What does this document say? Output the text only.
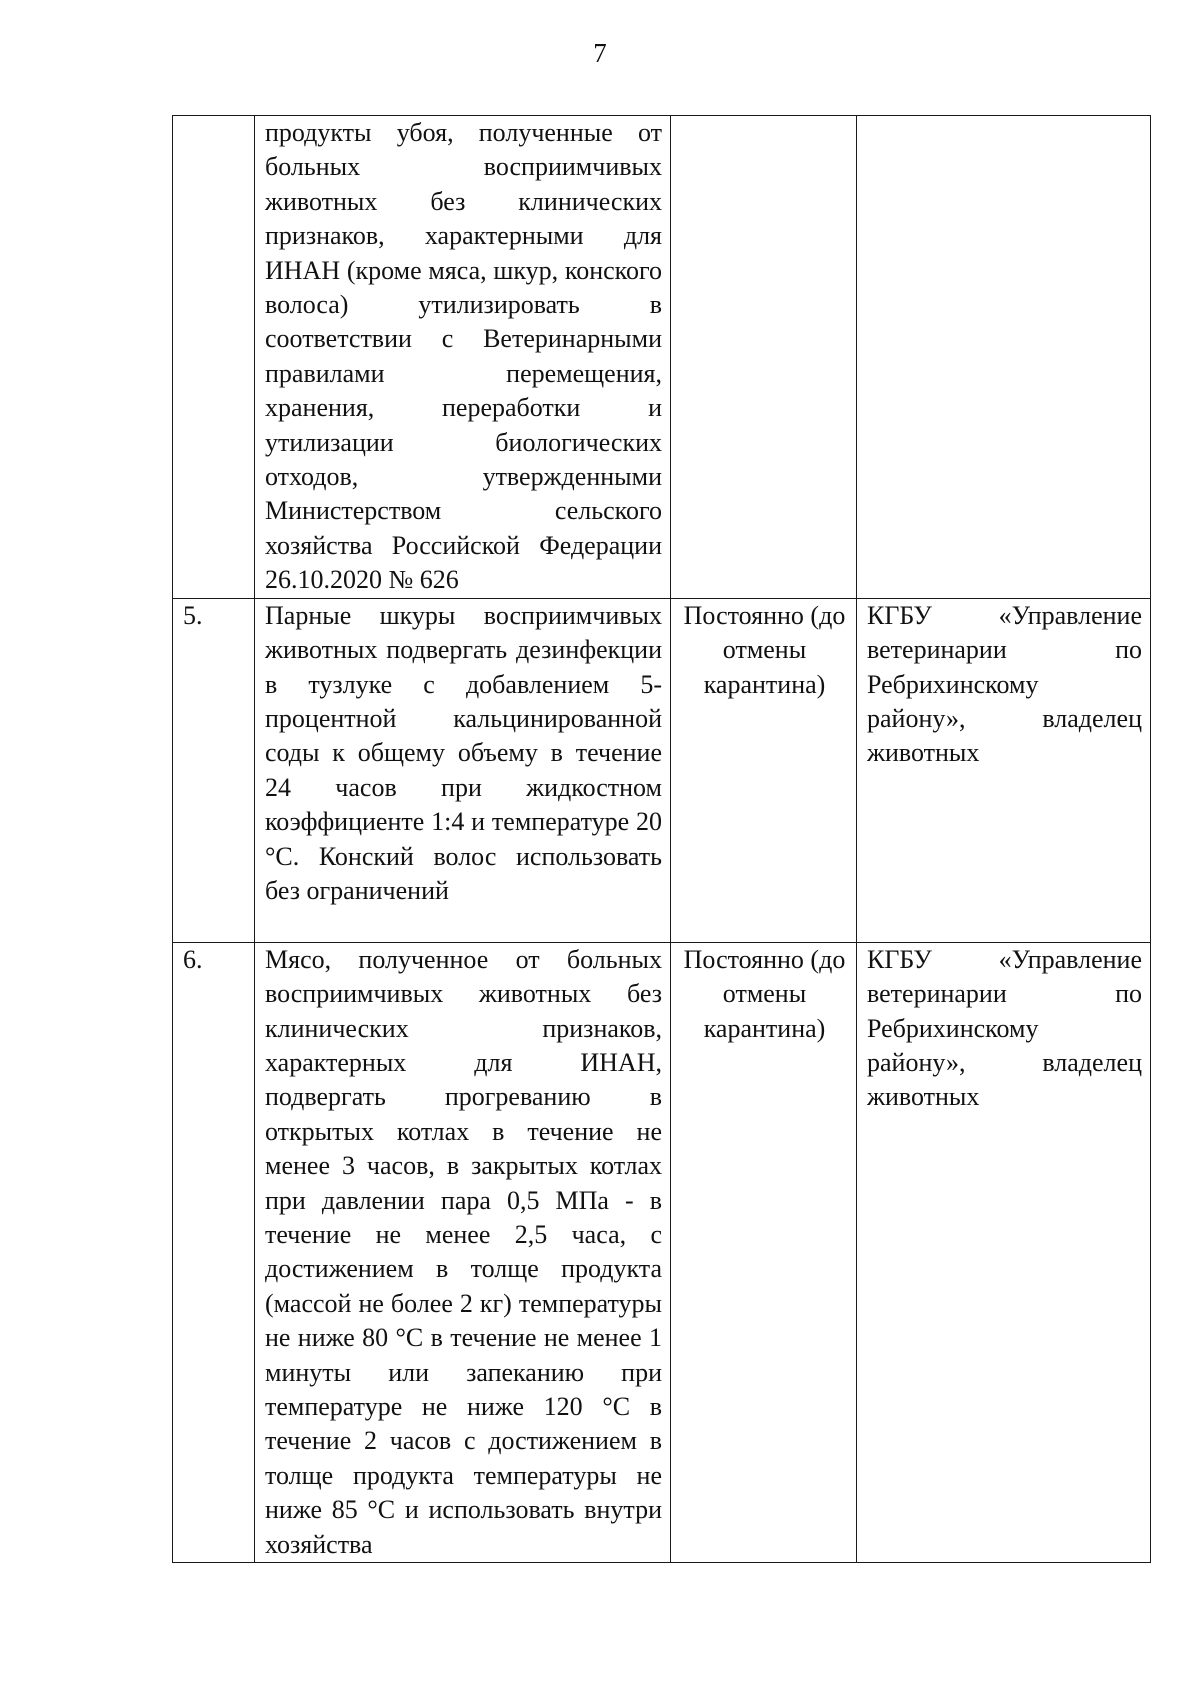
7
	продукты убоя, полученные от больных восприимчивых животных без клинических признаков, характерными для ИНАН (кроме мяса, шкур, конского волоса) утилизировать в соответствии с Ветеринарными правилами перемещения, хранения, переработки и утилизации биологических отходов, утвержденными Министерством сельского хозяйства Российской Федерации 26.10.2020 № 626		
5.	Парные шкуры восприимчивых животных подвергать дезинфекции в тузлуке с добавлением 5-процентной кальцинированной соды к общему объему в течение 24 часов при жидкостном коэффициенте 1:4 и температуре 20 °С. Конский волос использовать без ограничений	Постоянно (до отмены карантина)	КГБУ «Управление ветеринарии по Ребрихинскому району», владелец животных
6.	Мясо, полученное от больных восприимчивых животных без клинических признаков, характерных для ИНАН, подвергать прогреванию в открытых котлах в течение не менее 3 часов, в закрытых котлах при давлении пара 0,5 МПа - в течение не менее 2,5 часа, с достижением в толще продукта (массой не более 2 кг) температуры не ниже 80 °С в течение не менее 1 минуты или запеканию при температуре не ниже 120 °С в течение 2 часов с достижением в толще продукта температуры не ниже 85 °С и использовать внутри хозяйства	Постоянно (до отмены карантина)	КГБУ «Управление ветеринарии по Ребрихинскому району», владелец животных
